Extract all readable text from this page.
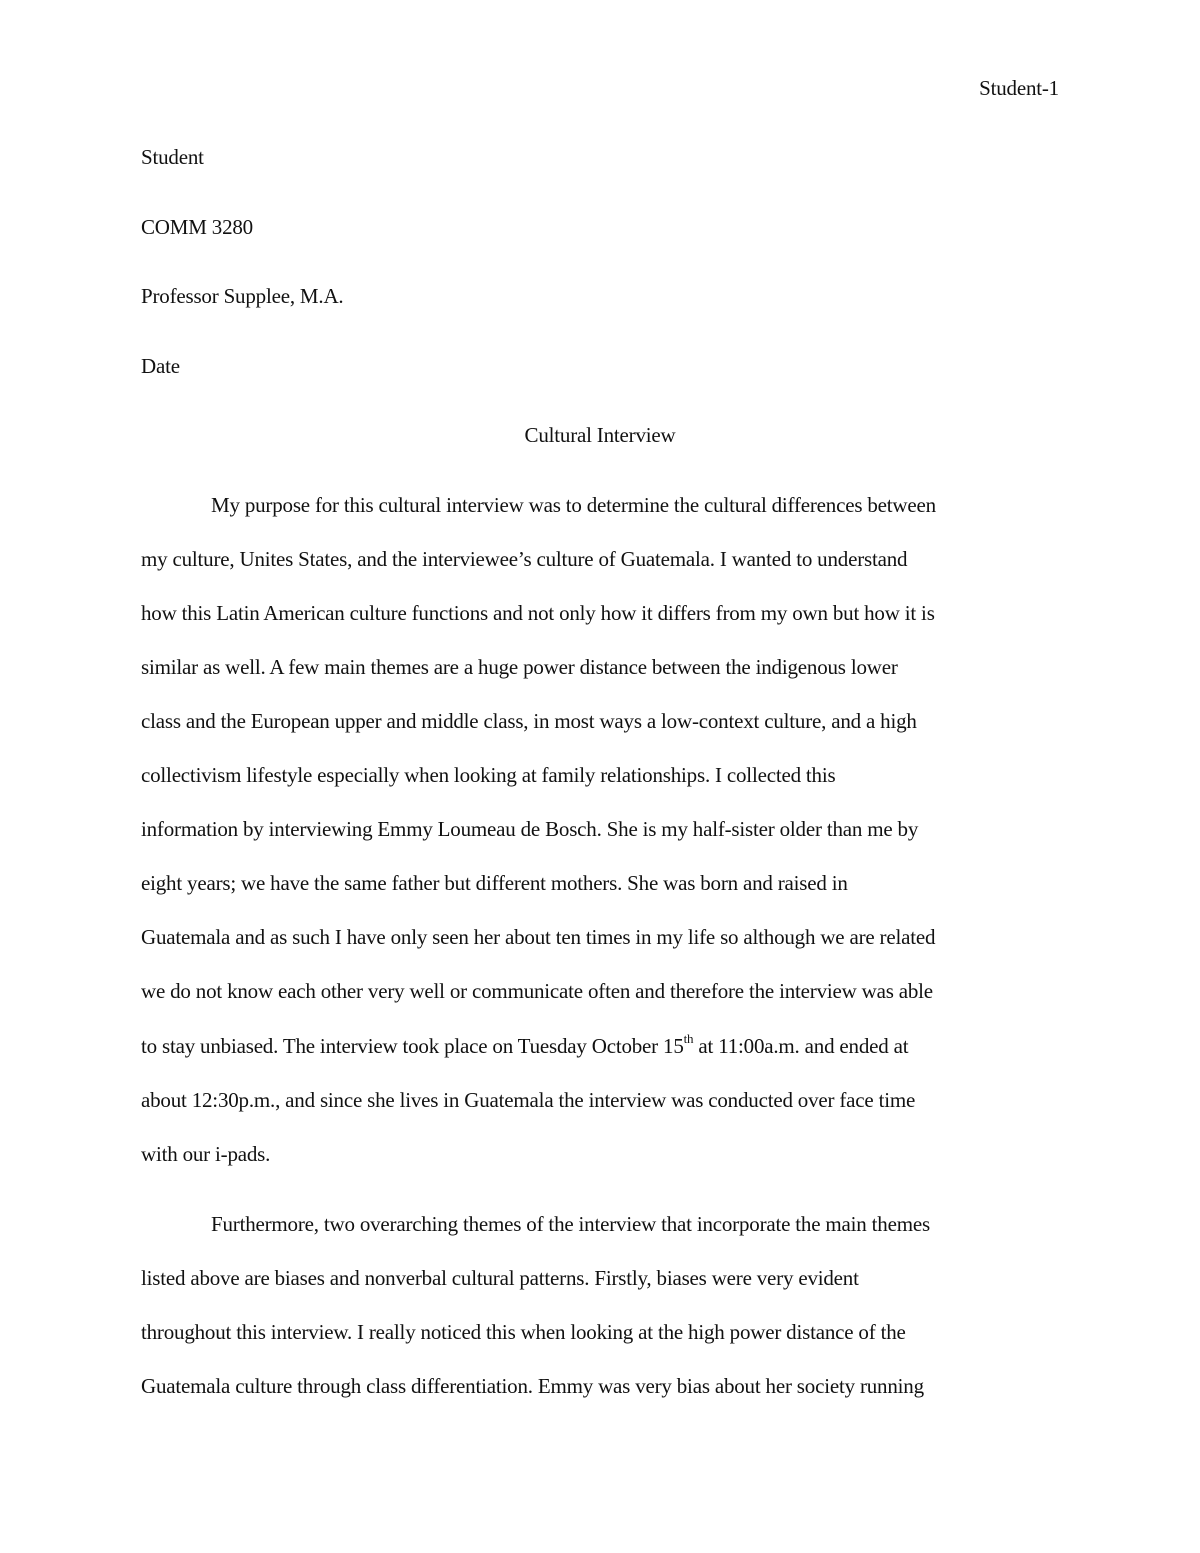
Student-1
Student
COMM 3280
Professor Supplee, M.A.
Date
Cultural Interview
My purpose for this cultural interview was to determine the cultural differences between
my culture, Unites States, and the interviewee’s culture of Guatemala. I wanted to understand
how this Latin American culture functions and not only how it differs from my own but how it is
similar as well. A few main themes are a huge power distance between the indigenous lower
class and the European upper and middle class, in most ways a low-context culture, and a high
collectivism lifestyle especially when looking at family relationships. I collected this
information by interviewing Emmy Loumeau de Bosch. She is my half-sister older than me by
eight years; we have the same father but different mothers. She was born and raised in
Guatemala and as such I have only seen her about ten times in my life so although we are related
we do not know each other very well or communicate often and therefore the interview was able
to stay unbiased. The interview took place on Tuesday October 15th at 11:00a.m. and ended at
about 12:30p.m., and since she lives in Guatemala the interview was conducted over face time
with our i-pads.
Furthermore, two overarching themes of the interview that incorporate the main themes
listed above are biases and nonverbal cultural patterns. Firstly, biases were very evident
throughout this interview. I really noticed this when looking at the high power distance of the
Guatemala culture through class differentiation. Emmy was very bias about her society running
